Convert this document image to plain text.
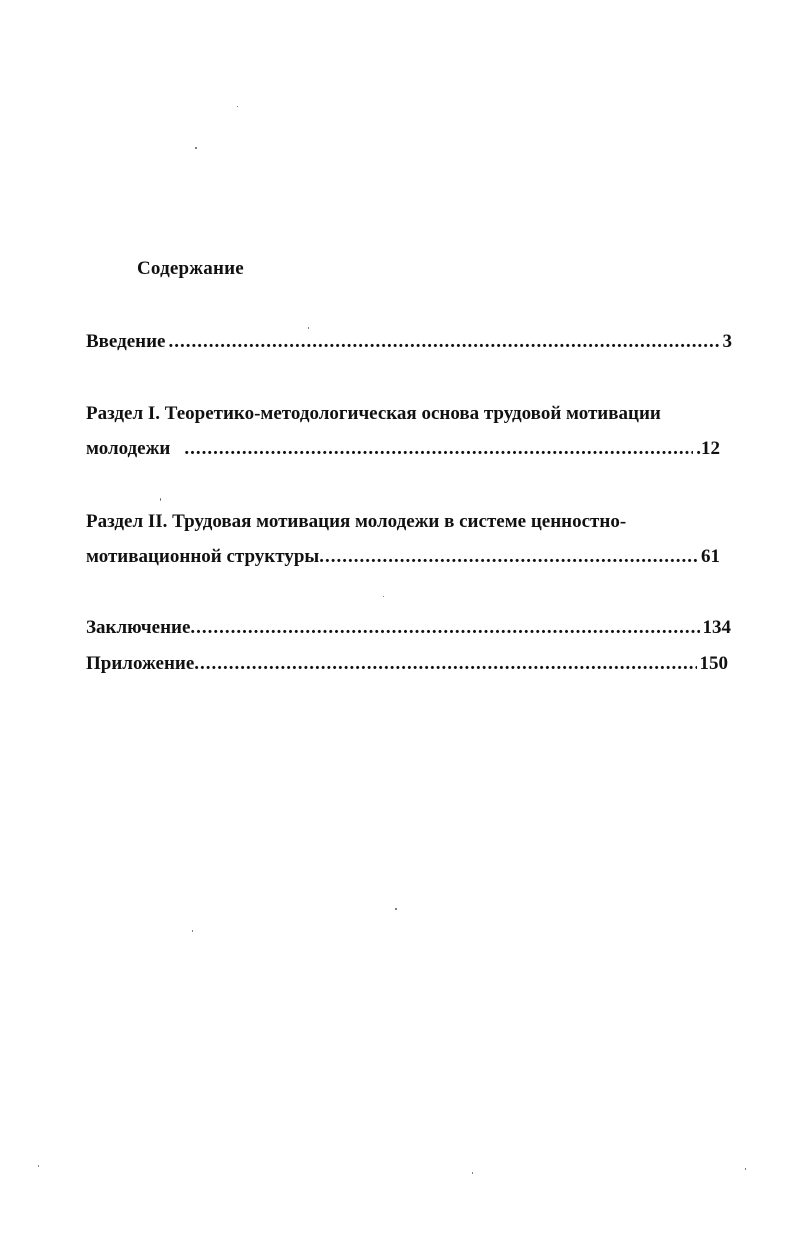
Содержание
Введение .....	3
Раздел I. Теоретико-методологическая основа трудовой мотивации
молодежи .....	.12
Раздел II. Трудовая мотивация молодежи в системе ценностно-
мотивационной структуры .....	61
Заключение .....	134
Приложение .....	150
